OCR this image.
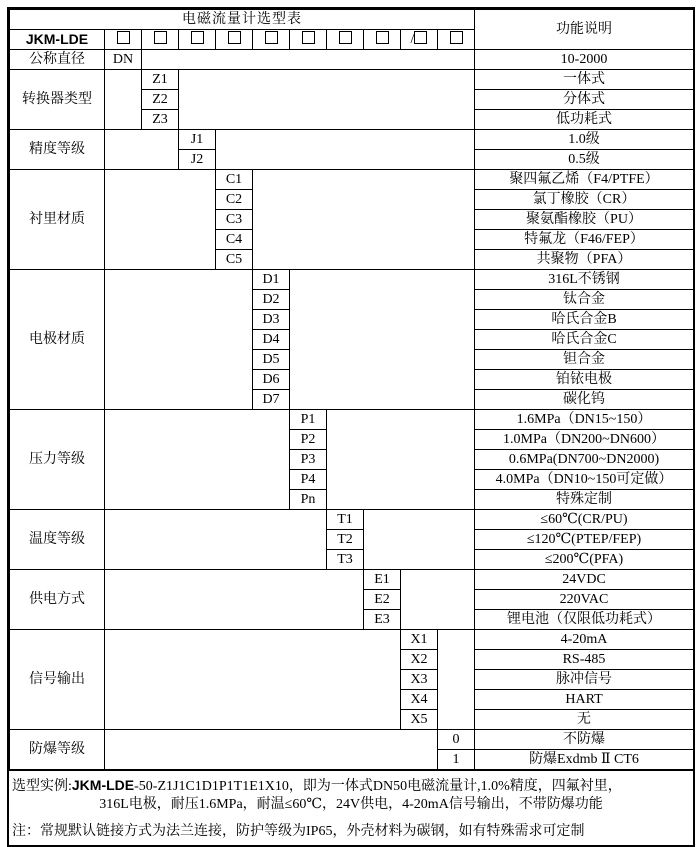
电磁流量计选型表											功能说明
JKM-LDE									/		
公称直径	DN										10-2000
转换器类型		Z1									一体式
		Z2									分体式
		Z3									低功耗式
精度等级			J1								1.0级
			J2								0.5级
衬里材质				C1							聚四氟乙烯（F4/PTFE）
				C2							氯丁橡胶（CR）
				C3							聚氨酯橡胶（PU）
				C4							特氟龙（F46/FEP）
				C5							共聚物（PFA）
电极材质					D1						316L不锈钢
					D2						钛合金
					D3						哈氏合金B
					D4						哈氏合金C
					D5						钽合金
					D6						铂铱电极
					D7						碳化钨
压力等级						P1					1.6MPa（DN15~150）
						P2					1.0MPa（DN200~DN600）
						P3					0.6MPa(DN700~DN2000)
						P4					4.0MPa（DN10~150可定做）
						Pn					特殊定制
温度等级							T1				≤60℃(CR/PU)
							T2				≤120℃(PTEP/FEP)
							T3				≤200℃(PFA)
供电方式								E1			24VDC
								E2			220VAC
								E3			锂电池（仅限低功耗式）
信号输出									X1		4-20mA
									X2		RS-485
									X3		脉冲信号
									X4		HART
									X5		无
防爆等级										0	不防爆
										1	防爆Exdmb Ⅱ CT6
选型实例:JKM-LDE-50-Z1J1C1D1P1T1E1X10，即为一体式DN50电磁流量计,1.0%精度，四氟衬里，
316L电极，耐压1.6MPa，耐温≤60℃，24V供电，4-20mA信号输出，不带防爆功能
注：常规默认链接方式为法兰连接，防护等级为IP65，外壳材料为碳钢，如有特殊需求可定制
